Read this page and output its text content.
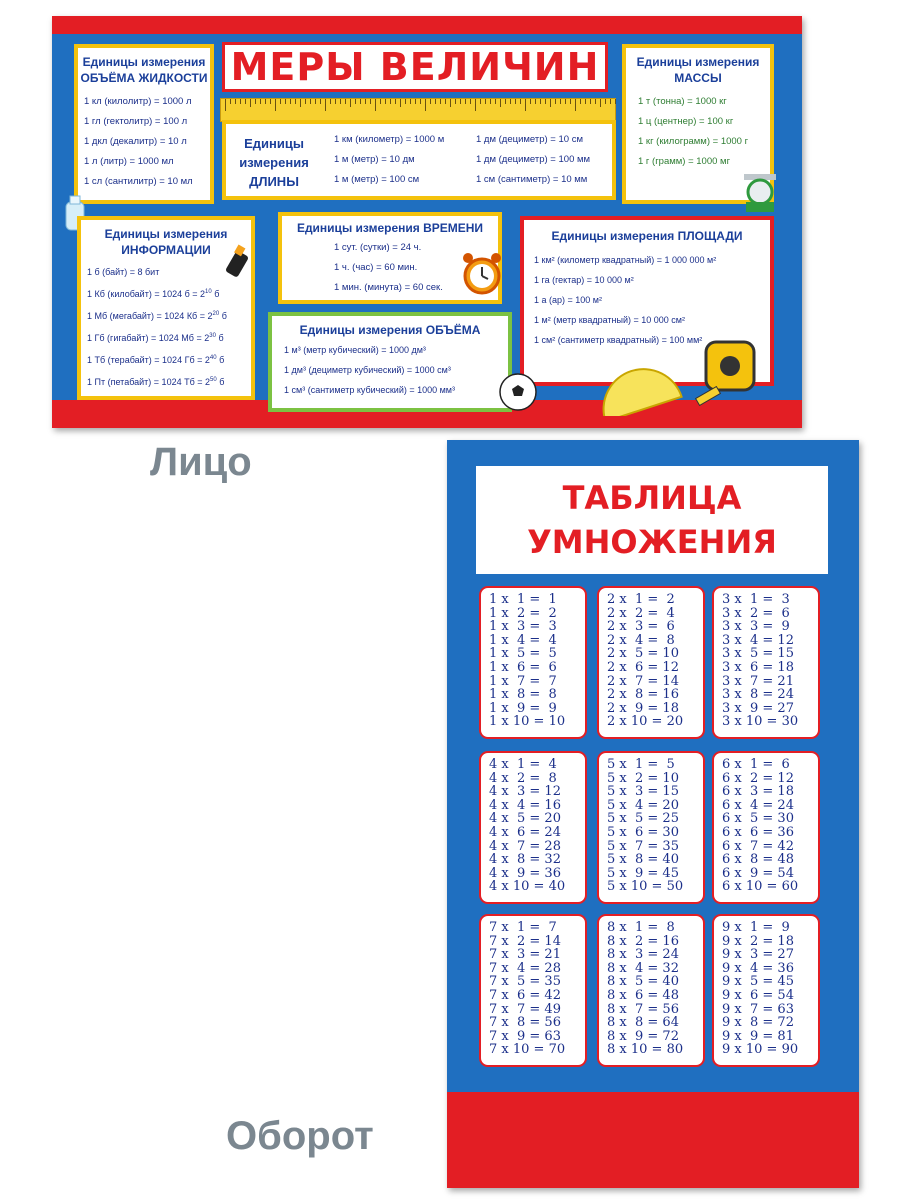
Единицы измерения
ОБЪЁМА ЖИДКОСТИ
1 кл (килолитр) = 1000 л
1 гл (гектолитр) = 100 л
1 дкл (декалитр) = 10 л
1 л (литр) = 1000 мл
1 сл (сантилитр) = 10 мл
МЕРЫ ВЕЛИЧИН	Единицы измерения
МАССЫ
1 т (тонна) = 1000 кг
1 ц (центнер) = 100 кг
1 кг (килограмм) = 1000 г
1 г (грамм) = 1000 мг
Единицы измерения ДЛИНЫ
1 км (километр) = 1000 м
1 м (метр) = 10 дм
1 м (метр) = 100 см
1 дм (дециметр) = 10 см
1 дм (дециметр) = 100 мм
1 см (сантиметр) = 10 мм
Единицы измерения
ИНФОРМАЦИИ
1 б (байт) = 8 бит
1 Кб (килобайт) = 1024 $б = 2^{10}$ б
1 Мб (мегабайт) = 1024 Кб = $2^{20}$ б
1 Гб (гигабайт) = 1024 Мб = $2^{30}$ б
1 Тб (терабайт) = 1024 Гб = $2^{40}$ б
1 Пт (петабайт) = 1024 Тб = $2^{50}$ б
Единицы измерения ВРЕМЕНИ
1 сут. (сутки) = 24 ч.
1 ч. (час) = 60 мин.
1 мин. (минута) = 60 сек.
Единицы измерения ПЛОЩАДИ
1 км² (километр квадратный) = 1 000 000 м²
1 га (гектар) = 10 000 м²
1 а (ар) = 100 м²
1 м² (метр квадратный) = 10 000 см²
1 см² (сантиметр квадратный) = 100 мм²
Единицы измерения ОБЪЁМА
1 м³ (метр кубический) = 1000 дм³
1 дм³ (дециметр кубический) = 1000 см³
1 см³ (сантиметр кубический) = 1000 мм³
Лицо
ТАБЛИЦА
УМНОЖЕНИЯ
1 x  1 =  1
1 x  2 =  2
1 x  3 =  3
1 x  4 =  4
1 x  5 =  5
1 x  6 =  6
1 x  7 =  7
1 x  8 =  8
1 x  9 =  9
1 x 10 = 10
2 x  1 =  2
2 x  2 =  4
2 x  3 =  6
2 x  4 =  8
2 x  5 = 10
2 x  6 = 12
2 x  7 = 14
2 x  8 = 16
2 x  9 = 18
2 x 10 = 20
3 x  1 =  3
3 x  2 =  6
3 x  3 =  9
3 x  4 = 12
3 x  5 = 15
3 x  6 = 18
3 x  7 = 21
3 x  8 = 24
3 x  9 = 27
3 x 10 = 30
4 x  1 =  4
4 x  2 =  8
4 x  3 = 12
4 x  4 = 16
4 x  5 = 20
4 x  6 = 24
4 x  7 = 28
4 x  8 = 32
4 x  9 = 36
4 x 10 = 40
5 x  1 =  5
5 x  2 = 10
5 x  3 = 15
5 x  4 = 20
5 x  5 = 25
5 x  6 = 30
5 x  7 = 35
5 x  8 = 40
5 x  9 = 45
5 x 10 = 50
6 x  1 =  6
6 x  2 = 12
6 x  3 = 18
6 x  4 = 24
6 x  5 = 30
6 x  6 = 36
6 x  7 = 42
6 x  8 = 48
6 x  9 = 54
6 x 10 = 60
7 x  1 =  7
7 x  2 = 14
7 x  3 = 21
7 x  4 = 28
7 x  5 = 35
7 x  6 = 42
7 x  7 = 49
7 x  8 = 56
7 x  9 = 63
7 x 10 = 70
8 x  1 =  8
8 x  2 = 16
8 x  3 = 24
8 x  4 = 32
8 x  5 = 40
8 x  6 = 48
8 x  7 = 56
8 x  8 = 64
8 x  9 = 72
8 x 10 = 80
9 x  1 =  9
9 x  2 = 18
9 x  3 = 27
9 x  4 = 36
9 x  5 = 45
9 x  6 = 54
9 x  7 = 63
9 x  8 = 72
9 x  9 = 81
9 x 10 = 90
Оборот
